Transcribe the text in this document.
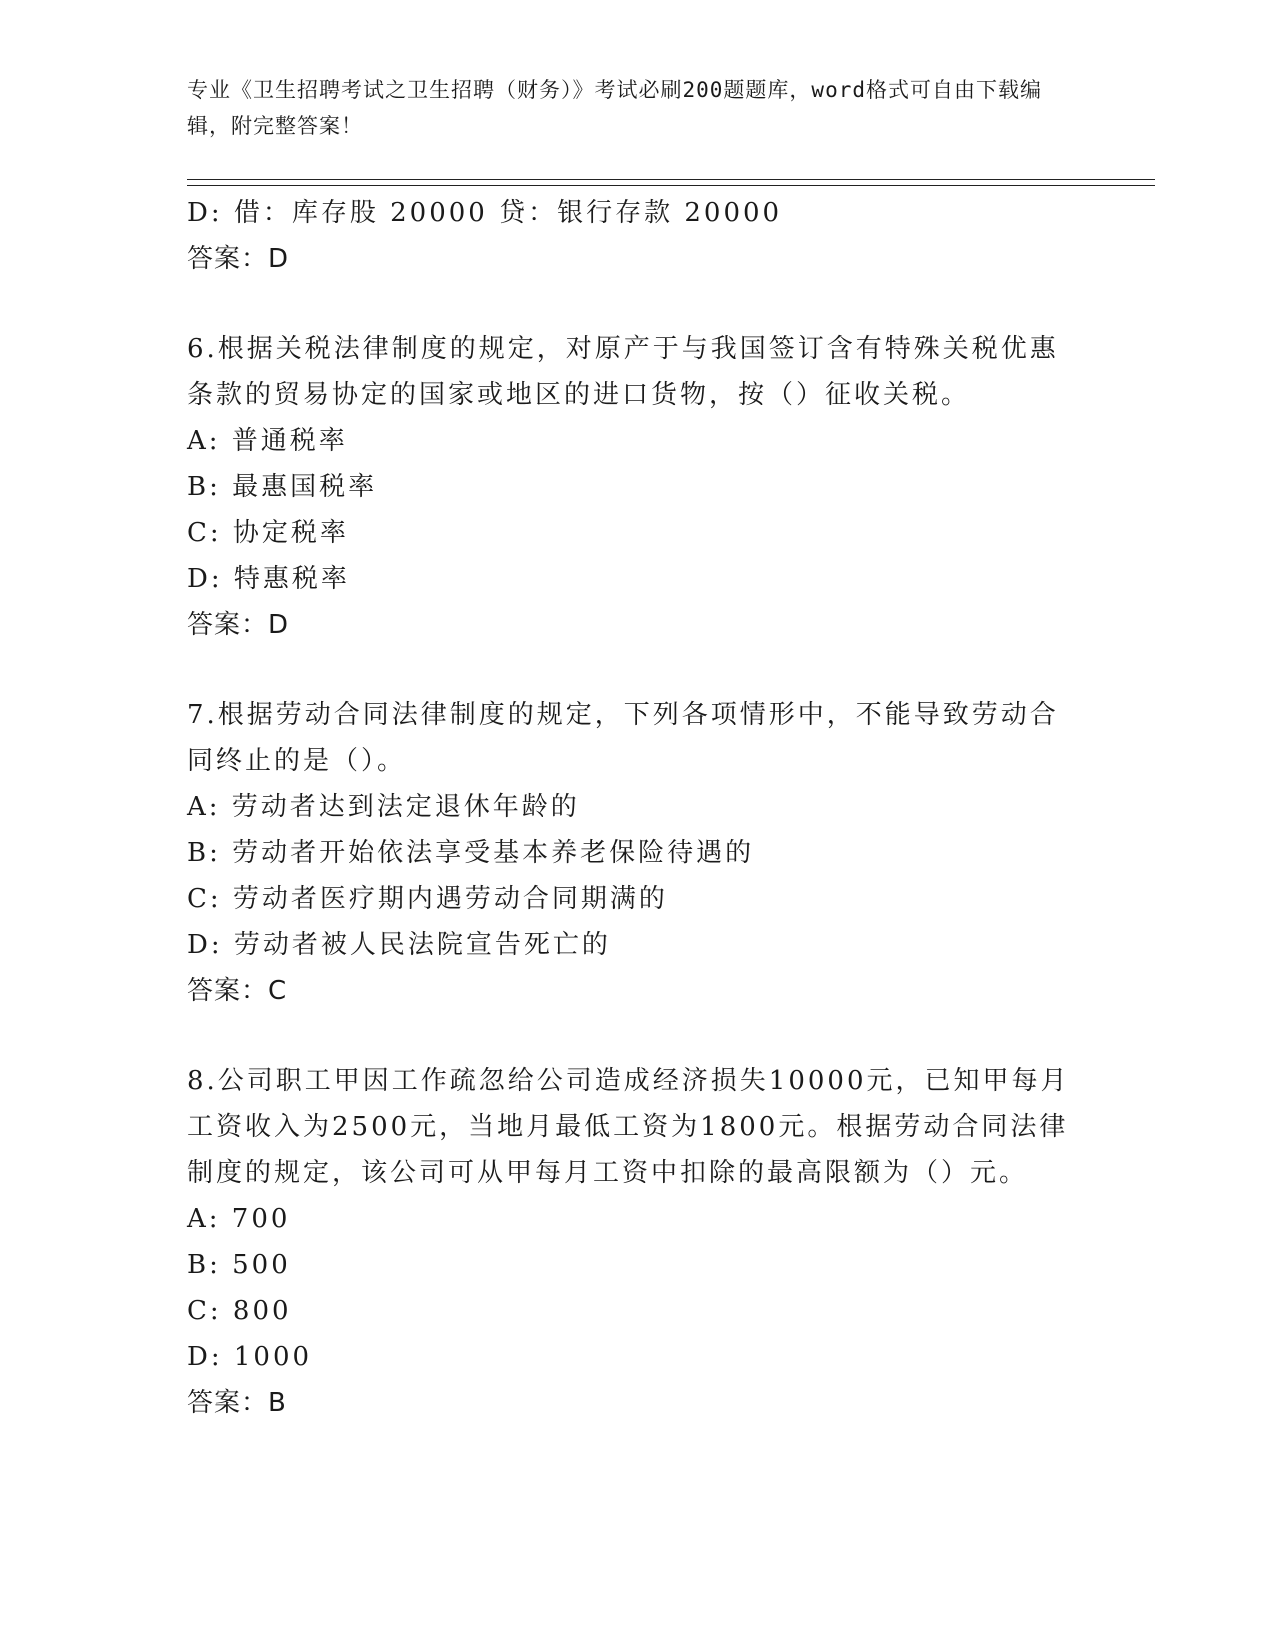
专业《卫生招聘考试之卫生招聘（财务）》考试必刷200题题库，word格式可自由下载编辑，附完整答案！
D: 借：库存股 20000 贷：银行存款 20000
答案：D
6.根据关税法律制度的规定，对原产于与我国签订含有特殊关税优惠条款的贸易协定的国家或地区的进口货物，按（）征收关税。
A: 普通税率
B: 最惠国税率
C: 协定税率
D: 特惠税率
答案：D
7.根据劳动合同法律制度的规定，下列各项情形中，不能导致劳动合同终止的是（）。
A: 劳动者达到法定退休年龄的
B: 劳动者开始依法享受基本养老保险待遇的
C: 劳动者医疗期内遇劳动合同期满的
D: 劳动者被人民法院宣告死亡的
答案：C
8.公司职工甲因工作疏忽给公司造成经济损失10000元，已知甲每月工资收入为2500元，当地月最低工资为1800元。根据劳动合同法律制度的规定，该公司可从甲每月工资中扣除的最高限额为（）元。
A: 700
B: 500
C: 800
D: 1000
答案：B
